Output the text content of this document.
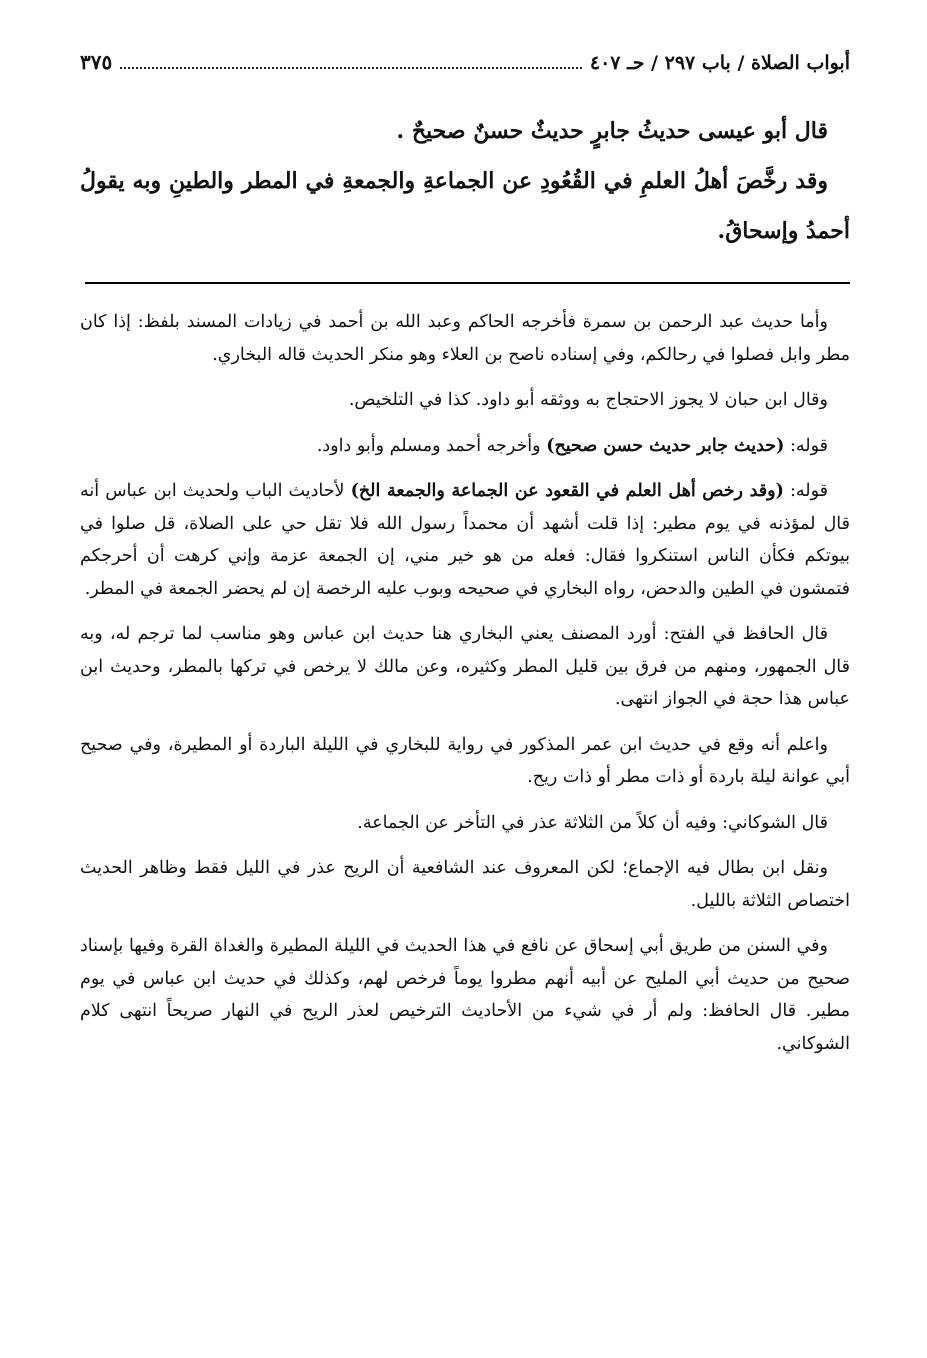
أبواب الصلاة / باب ٢٩٧ / حـ ٤٠٧
٣٧٥

قال أبو عيسى حديثُ جابرٍ حديثٌ حسنٌ صحيحٌ .

وقد رخَّصَ أهلُ العلمِ في القُعُودِ عن الجماعةِ والجمعةِ في المطر والطينِ وبه يقولُ أحمدُ وإسحاقُ.

وأما حديث عبد الرحمن بن سمرة فأخرجه الحاكم وعبد الله بن أحمد في زيادات المسند بلفظ: إذا كان مطر وابل فصلوا في رحالكم، وفي إسناده ناصح بن العلاء وهو منكر الحديث قاله البخاري.

وقال ابن حبان لا يجوز الاحتجاج به ووثقه أبو داود. كذا في التلخيص.

قوله: (حديث جابر حديث حسن صحيح) وأخرجه أحمد ومسلم وأبو داود.

قوله: (وقد رخص أهل العلم في القعود عن الجماعة والجمعة الخ) لأحاديث الباب ولحديث ابن عباس أنه قال لمؤذنه في يوم مطير: إذا قلت أشهد أن محمداً رسول الله فلا تقل حي على الصلاة، قل صلوا في بيوتكم فكأن الناس استنكروا فقال: فعله من هو خير مني، إن الجمعة عزمة وإني كرهت أن أحرجكم فتمشون في الطين والدحض، رواه البخاري في صحيحه وبوب عليه الرخصة إن لم يحضر الجمعة في المطر.

قال الحافظ في الفتح: أورد المصنف يعني البخاري هنا حديث ابن عباس وهو مناسب لما ترجم له، وبه قال الجمهور، ومنهم من فرق بين قليل المطر وكثيره، وعن مالك لا يرخص في تركها بالمطر، وحديث ابن عباس هذا حجة في الجواز انتهى.

واعلم أنه وقع في حديث ابن عمر المذكور في رواية للبخاري في الليلة الباردة أو المطيرة، وفي صحيح أبي عوانة ليلة باردة أو ذات مطر أو ذات ريح.

قال الشوكاني: وفيه أن كلاً من الثلاثة عذر في التأخر عن الجماعة.

ونقل ابن بطال فيه الإجماع؛ لكن المعروف عند الشافعية أن الريح عذر في الليل فقط وظاهر الحديث اختصاص الثلاثة بالليل.

وفي السنن من طريق أبي إسحاق عن نافع في هذا الحديث في الليلة المطيرة والغداة القرة وفيها بإسناد صحيح من حديث أبي المليح عن أبيه أنهم مطروا يوماً فرخص لهم، وكذلك في حديث ابن عباس في يوم مطير. قال الحافظ: ولم أر في شيء من الأحاديث الترخيص لعذر الريح في النهار صريحاً انتهى كلام الشوكاني.
